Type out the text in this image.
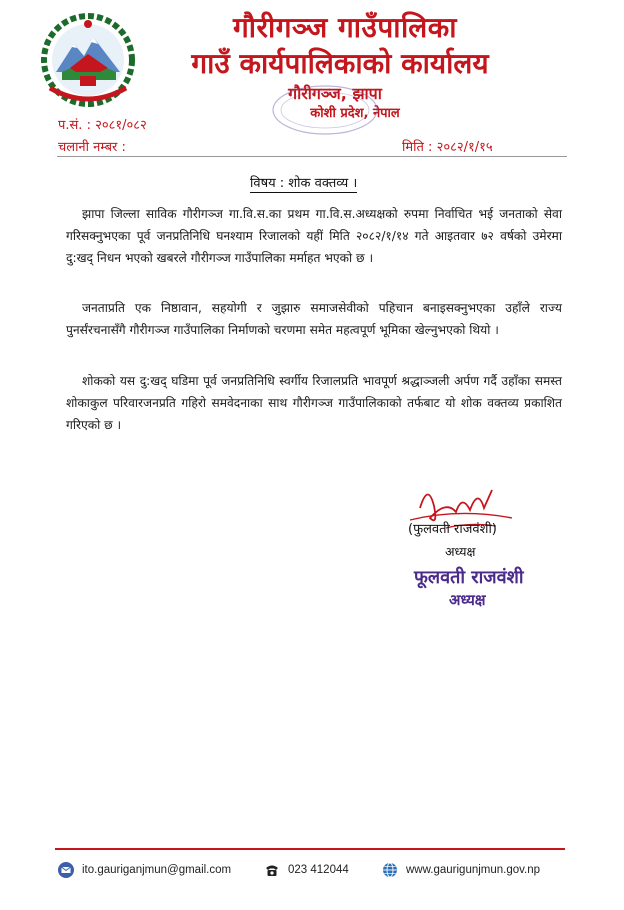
गौरीगञ्ज गाउँपालिका
गाउँ कार्यपालिकाको कार्यालय
गौरीगञ्ज, झापा
कोशी प्रदेश, नेपाल
प.सं. : २०८१/०८२
चलानी नम्बर :	मिति : २०८२/१/१५
विषय : शोक वक्तव्य ।
झापा जिल्ला साविक गौरीगञ्ज गा.वि.स.का प्रथम गा.वि.स.अध्यक्षको रुपमा निर्वाचित भई जनताको सेवा गरिसक्नुभएका पूर्व जनप्रतिनिधि घनश्याम रिजालको यहीं मिति २०८२/१/१४ गते आइतवार ७२ वर्षको उमेरमा दु:खद् निधन भएको खबरले गौरीगञ्ज गाउँपालिका मर्माहत भएको छ ।
जनताप्रति एक निष्ठावान, सहयोगी र जुझारु समाजसेवीको पहिचान बनाइसक्नुभएका उहाँले राज्य पुनर्संरचनासँगै गौरीगञ्ज गाउँपालिका निर्माणको चरणमा समेत महत्वपूर्ण भूमिका खेल्नुभएको थियो ।
शोकको यस दु:खद् घडिमा पूर्व जनप्रतिनिधि स्वर्गीय रिजालप्रति भावपूर्ण श्रद्धाञ्जली अर्पण गर्दै उहाँका समस्त शोकाकुल परिवारजनप्रति गहिरो समवेदनाका साथ गौरीगञ्ज गाउँपालिकाको तर्फबाट यो शोक वक्तव्य प्रकाशित गरिएको छ ।
(फुलवती राजवंशी)
अध्यक्ष
फूलवती राजवंशी
अध्यक्ष
ito.gauriganjmun@gmail.com	023 412044	www.gaurigunjmun.gov.np
